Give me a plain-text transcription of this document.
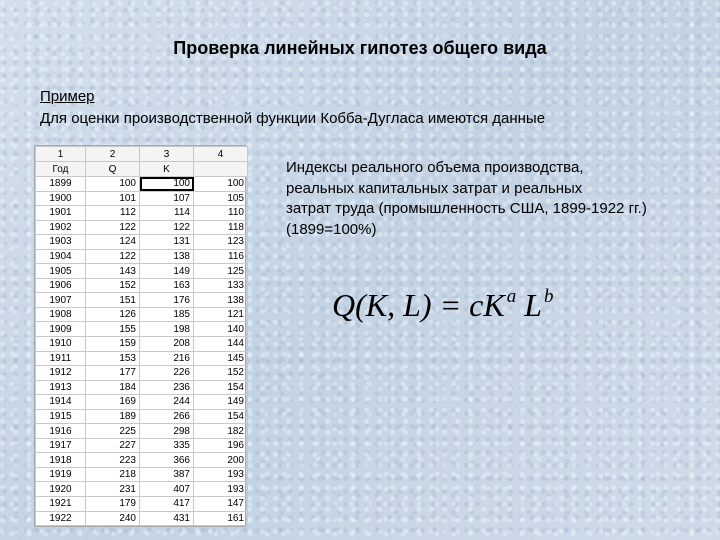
Проверка линейных гипотез общего вида
Пример
Для оценки производственной функции Кобба-Дугласа имеются данные
1	2	3	4
Год	Q	K	
1899	100	100	100
1900	101	107	105
1901	112	114	110
1902	122	122	118
1903	124	131	123
1904	122	138	116
1905	143	149	125
1906	152	163	133
1907	151	176	138
1908	126	185	121
1909	155	198	140
1910	159	208	144
1911	153	216	145
1912	177	226	152
1913	184	236	154
1914	169	244	149
1915	189	266	154
1916	225	298	182
1917	227	335	196
1918	223	366	200
1919	218	387	193
1920	231	407	193
1921	179	417	147
1922	240	431	161
Индексы реального объема производства,
реальных капитальных затрат и реальных
затрат труда (промышленность США, 1899-1922 гг.)
(1899=100%)
Q(K, L) = cK $^a$ L $^b$
